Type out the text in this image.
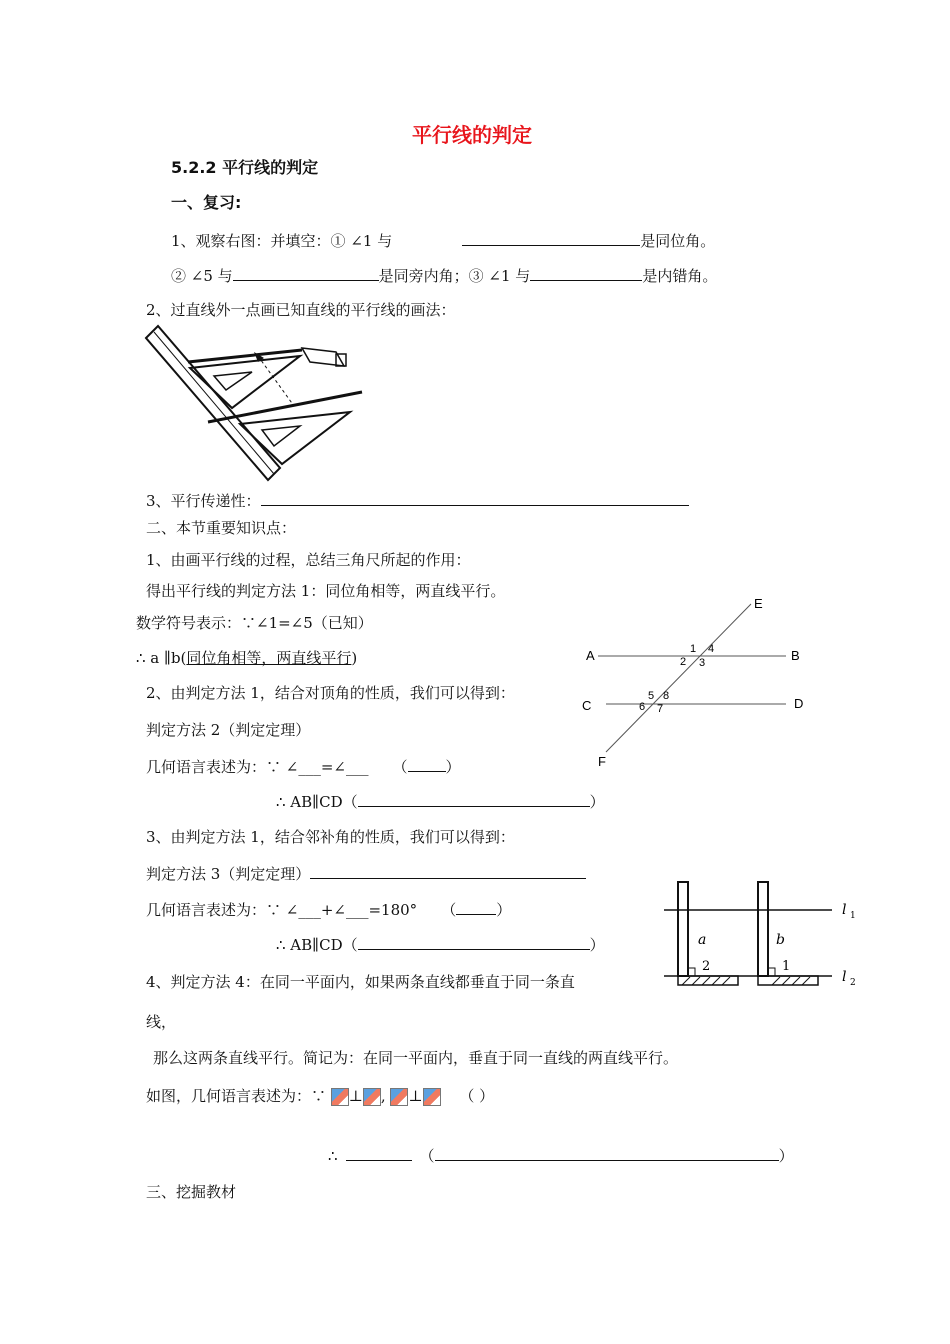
平行线的判定
5.2.2 平行线的判定
一、复习:
1、观察右图：并填空：① ∠1 与	是同位角。
② ∠5 与	是同旁内角；③ ∠1 与	是内错角。
2、过直线外一点画已知直线的平行线的画法：
3、平行传递性：
二、本节重要知识点：
1、由画平行线的过程，总结三角尺所起的作用：
得出平行线的判定方法 1：同位角相等，两直线平行。
数学符号表示：∵∠1=∠5（已知）
∴ a ∥b(同位角相等，两直线平行)
E
A	B
C	D
F
1 4
2 3
5 8
6 7
2、由判定方法 1，结合对顶角的性质，我们可以得到：
判定方法 2（判定定理）
几何语言表述为：∵ ∠___=∠___ （	）
∴ AB∥CD（	）
3、由判定方法 1，结合邻补角的性质，我们可以得到：
判定方法 3（判定定理）
几何语言表述为：∵ ∠___+∠___=180° （	）
∴ AB∥CD（	）
l 1
l 2
a	b
2	1
4、判定方法 4：在同一平面内，如果两条直线都垂直于同一条直
线，
那么这两条直线平行。简记为：在同一平面内，垂直于同一直线的两直线平行。
如图，几何语言表述为：∵ ⊥ , ⊥ （ ）
∴	（	）
三、挖掘教材
